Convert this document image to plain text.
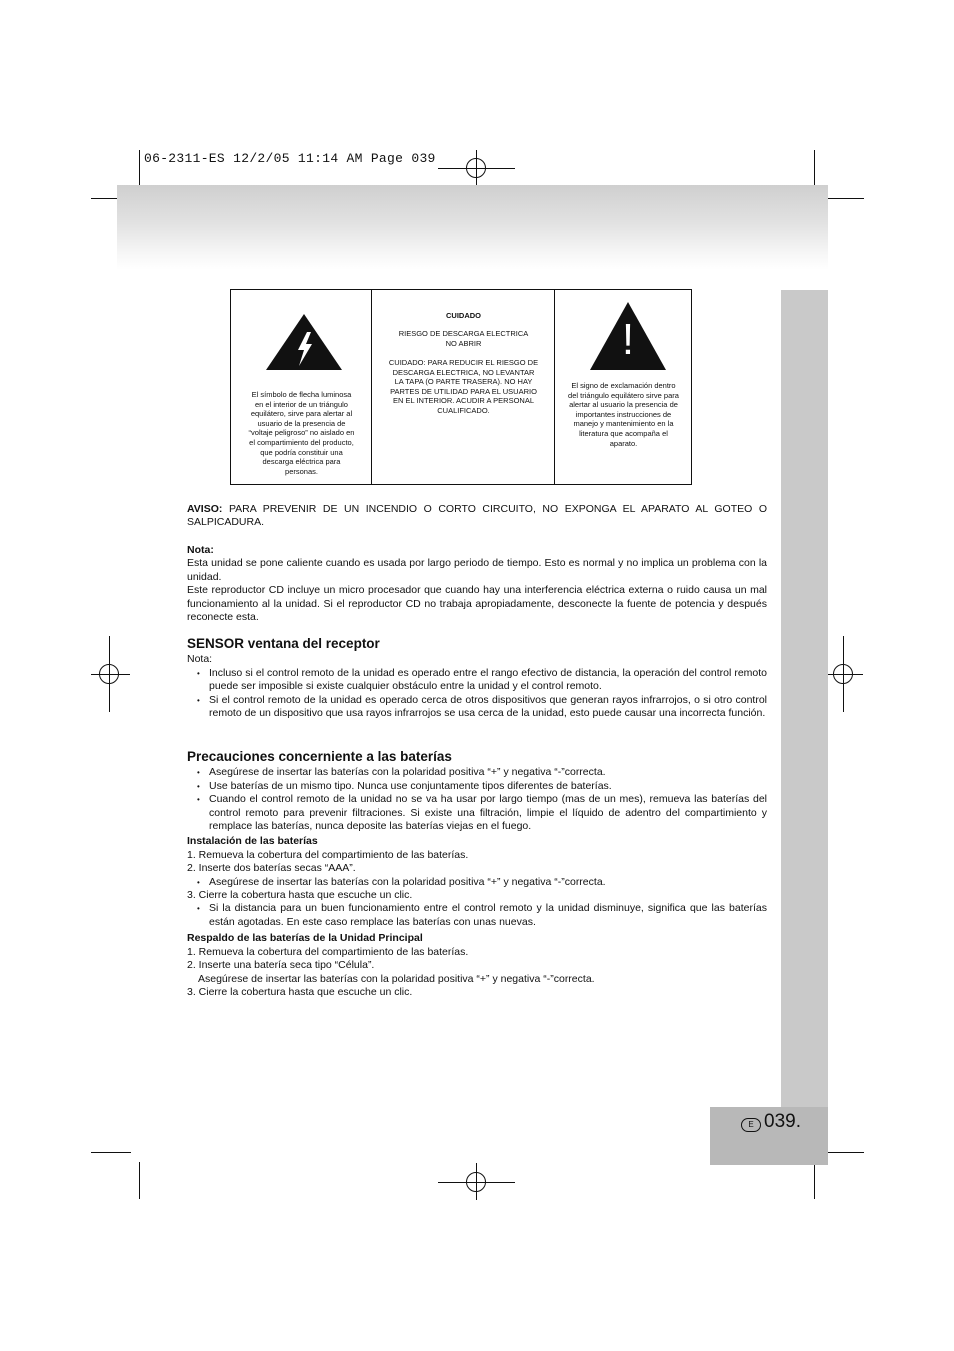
06-2311-ES 12/2/05 11:14 AM Page 039
El símbolo de flecha luminosa
en el interior de un triángulo
equilátero, sirve para alertar al
usuario de la presencia de
“voltaje peligroso” no aislado en
el compartimiento del producto,
que podría constituir una
descarga eléctrica para
personas.
CUIDADO
RIESGO DE DESCARGA ELECTRICA
NO ABRIR
CUIDADO: PARA REDUCIR EL RIESGO DE
DESCARGA ELECTRICA, NO LEVANTAR
LA TAPA (O PARTE TRASERA). NO HAY
PARTES DE UTILIDAD PARA EL USUARIO
EN EL INTERIOR. ACUDIR A PERSONAL
CUALIFICADO.
!
El signo de exclamación dentro
del triángulo equilátero sirve para
alertar al usuario la presencia de
importantes instrucciones de
manejo y mantenimiento en la
literatura que acompaña el
aparato.

AVISO: PARA PREVENIR DE UN INCENDIO O CORTO CIRCUITO, NO EXPONGA EL APARATO AL GOTEO O SALPICADURA.

Nota:

Esta unidad se pone caliente cuando es usada por largo periodo de tiempo. Esto es normal y no implica un problema con la unidad.

Este reproductor CD incluye un micro procesador que cuando hay una interferencia eléctrica externa o ruido causa un mal funcionamiento al la unidad. Si el reproductor CD no trabaja apropiadamente, desconecte la fuente de potencia y después reconecte esta.

SENSOR ventana del receptor

Nota:

• Incluso si el control remoto de la unidad es operado entre el rango efectivo de distancia, la operación del control remoto puede ser imposible si existe cualquier obstáculo entre la unidad y el control remoto.
• Si el control remoto de la unidad es operado cerca de otros dispositivos que generan rayos infrarrojos, o si otro control remoto de un dispositivo que usa rayos infrarrojos se usa cerca de la unidad, esto puede causar una incorrecta función.

Precauciones concerniente a las baterías

• Asegúrese de insertar las baterías con la polaridad positiva “+” y negativa “-”correcta.
• Use baterías de un mismo tipo. Nunca use conjuntamente tipos diferentes de baterías.
• Cuando el control remoto de la unidad no se va ha usar por largo tiempo (mas de un mes), remueva las baterías del control remoto para prevenir filtraciones. Si existe una filtración, limpie el líquido de adentro del compartimiento y remplace las baterías, nunca deposite las baterías viejas en el fuego.

Instalación de las baterías

1. Remueva la cobertura del compartimiento de las baterías.

2. Inserte dos baterías secas “AAA”.

• Asegúrese de insertar las baterías con la polaridad positiva “+” y negativa “-”correcta.

3. Cierre la cobertura hasta que escuche un clic.

• Si la distancia para un buen funcionamiento entre el control remoto y la unidad disminuye, significa que las baterías están agotadas. En este caso remplace las baterías con unas nuevas.

Respaldo de las baterías de la Unidad Principal

1. Remueva la cobertura del compartimiento de las baterías.

2. Inserte una batería seca tipo “Célula”.

Asegúrese de insertar las baterías con la polaridad positiva “+” y negativa “-”correcta.

3. Cierre la cobertura hasta que escuche un clic.

E 039.
